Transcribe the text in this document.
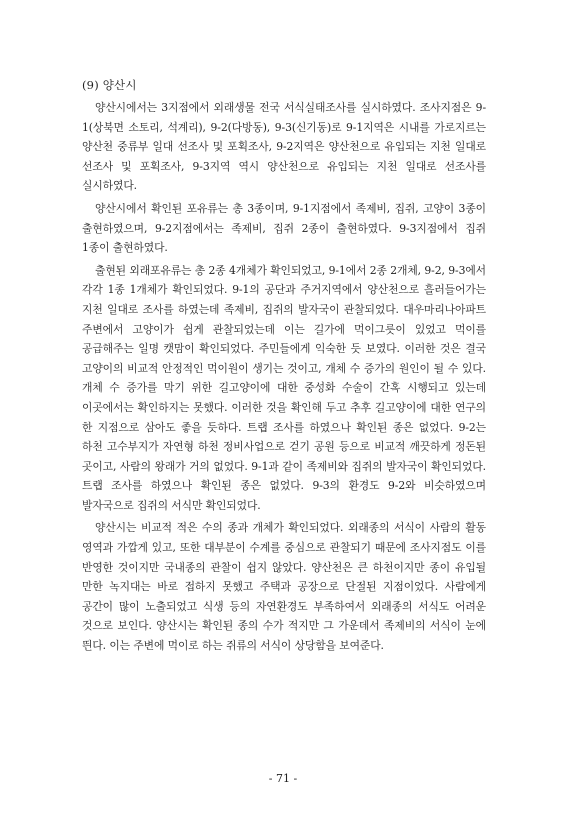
(9) 양산시

양산시에서는 3지점에서 외래생물 전국 서식실태조사를 실시하였다. 조사지점은 9-1(상북면 소토리, 석계리), 9-2(다방동), 9-3(신기동)로 9-1지역은 시내를 가로지르는 양산천 중류부 일대 선조사 및 포획조사, 9-2지역은 양산천으로 유입되는 지천 일대로 선조사 및 포획조사, 9-3지역 역시 양산천으로 유입되는 지천 일대로 선조사를 실시하였다.

양산시에서 확인된 포유류는 총 3종이며, 9-1지점에서 족제비, 집쥐, 고양이 3종이 출현하였으며, 9-2지점에서는 족제비, 집쥐 2종이 출현하였다. 9-3지점에서 집쥐 1종이 출현하였다.

출현된 외래포유류는 총 2종 4개체가 확인되었고, 9-1에서 2종 2개체, 9-2, 9-3에서 각각 1종 1개체가 확인되었다. 9-1의 공단과 주거지역에서 양산천으로 흘러들어가는 지천 일대로 조사를 하였는데 족제비, 집쥐의 발자국이 관찰되었다. 대우마리나아파트 주변에서 고양이가 쉽게 관찰되었는데 이는 길가에 먹이그릇이 있었고 먹이를 공급해주는 일명 캣맘이 확인되었다. 주민들에게 익숙한 듯 보였다. 이러한 것은 결국 고양이의 비교적 안정적인 먹이원이 생기는 것이고, 개체 수 증가의 원인이 될 수 있다. 개체 수 증가를 막기 위한 길고양이에 대한 중성화 수술이 간혹 시행되고 있는데 이곳에서는 확인하지는 못했다. 이러한 것을 확인해 두고 추후 길고양이에 대한 연구의 한 지점으로 삼아도 좋을 듯하다. 트랩 조사를 하였으나 확인된 종은 없었다. 9-2는 하천 고수부지가 자연형 하천 정비사업으로 걷기 공원 등으로 비교적 깨끗하게 정돈된 곳이고, 사람의 왕래가 거의 없었다. 9-1과 같이 족제비와 집쥐의 발자국이 확인되었다. 트랩 조사를 하였으나 확인된 종은 없었다. 9-3의 환경도 9-2와 비슷하였으며 발자국으로 집쥐의 서식만 확인되었다.

양산시는 비교적 적은 수의 종과 개체가 확인되었다. 외래종의 서식이 사람의 활동 영역과 가깝게 있고, 또한 대부분이 수계를 중심으로 관찰되기 때문에 조사지점도 이를 반영한 것이지만 국내종의 관찰이 쉽지 않았다. 양산천은 큰 하천이지만 종이 유입될 만한 녹지대는 바로 접하지 못했고 주택과 공장으로 단절된 지점이었다. 사람에게 공간이 많이 노출되었고 식생 등의 자연환경도 부족하여서 외래종의 서식도 어려운 것으로 보인다. 양산시는 확인된 종의 수가 적지만 그 가운데서 족제비의 서식이 눈에 띈다. 이는 주변에 먹이로 하는 쥐류의 서식이 상당함을 보여준다.

- 71 -
